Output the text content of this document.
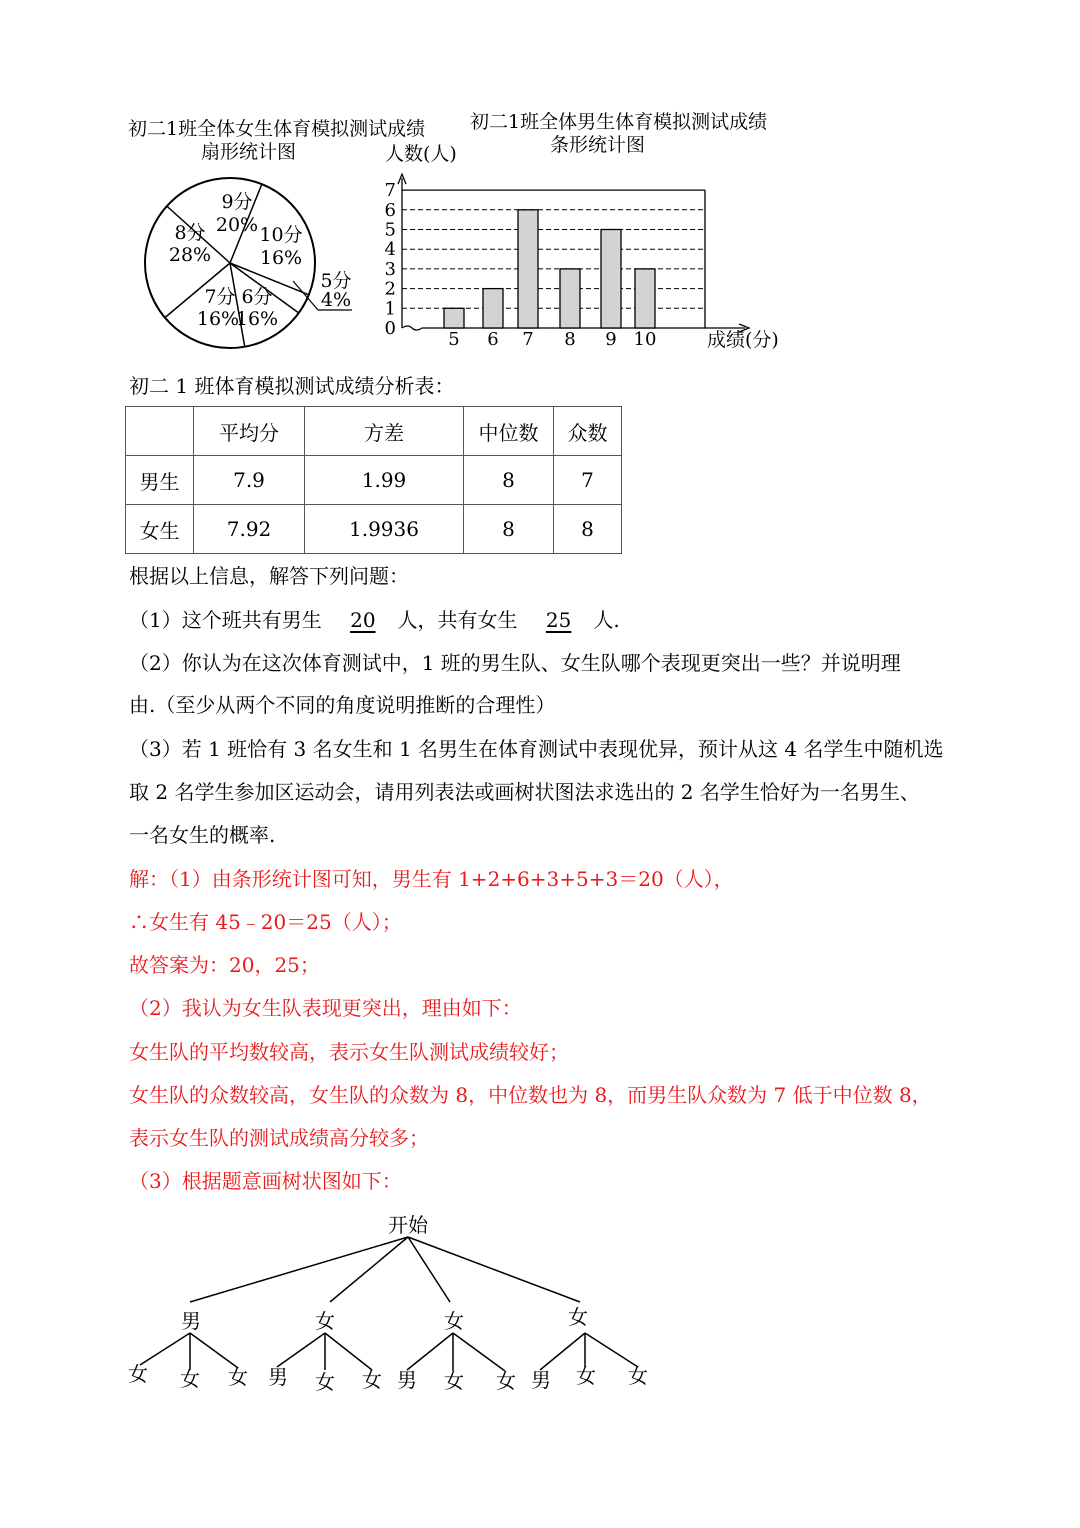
初二1班全体女生体育模拟测试成绩
扇形统计图
9分
20% 10分
16%
8分
28%
7分
16%
6分
16%
5分
4%
初二1班全体男生体育模拟测试成绩
条形统计图
人数(人)
成绩(分)
0
1
2
3
4
5
6
7
5 6 7 8 9 10
初二 1 班体育模拟测试成绩分析表：
	平均分	方差	中位数	众数
男生	7.9	1.99	8	7
女生	7.92	1.9936	8	8
根据以上信息，解答下列问题：
（1）这个班共有男生 20 人，共有女生 25 人.
（2）你认为在这次体育测试中，1 班的男生队、女生队哪个表现更突出一些？并说明理
由.（至少从两个不同的角度说明推断的合理性）
（3）若 1 班恰有 3 名女生和 1 名男生在体育测试中表现优异，预计从这 4 名学生中随机选
取 2 名学生参加区运动会，请用列表法或画树状图法求选出的 2 名学生恰好为一名男生、
一名女生的概率.
解：（1）由条形统计图可知，男生有 1+2+6+3+5+3＝20（人），
∴女生有 45﹣20＝25（人）；
故答案为：20，25；
（2）我认为女生队表现更突出，理由如下：
女生队的平均数较高，表示女生队测试成绩较好；
女生队的众数较高，女生队的众数为 8，中位数也为 8，而男生队众数为 7 低于中位数 8，
表示女生队的测试成绩高分较多；
（3）根据题意画树状图如下：
开始
男	女	女	女
女 女 女 男 女 女 男 女 女 男 女 女
